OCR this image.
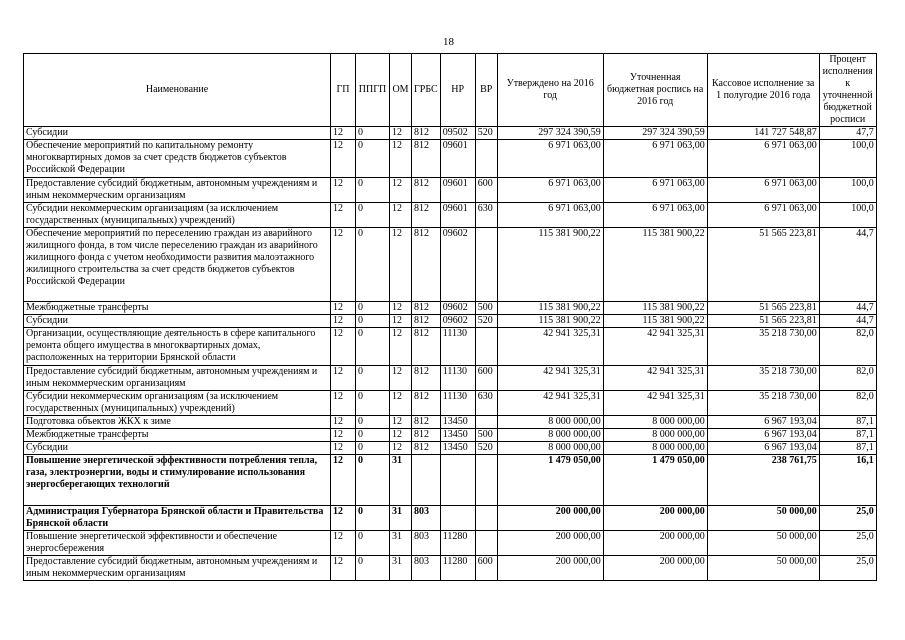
18
Наименование	ГП	ППГП	ОМ	ГРБС	НР	ВР	Утверждено на 2016 год	Уточненная бюджетная роспись на 2016 год	Кассовое исполнение за 1 полугодие 2016 года	Процент исполнения к уточненной бюджетной росписи
Субсидии	12	0	12	812	09502	520	297 324 390,59	297 324 390,59	141 727 548,87	47,7
Обеспечение мероприятий по капитальному ремонту многоквартирных домов за счет средств бюджетов субъектов Российской Федерации	12	0	12	812	09601		6 971 063,00	6 971 063,00	6 971 063,00	100,0
Предоставление субсидий бюджетным, автономным учреждениям и иным некоммерческим организациям	12	0	12	812	09601	600	6 971 063,00	6 971 063,00	6 971 063,00	100,0
Субсидии некоммерческим организациям (за исключением государственных (муниципальных) учреждений)	12	0	12	812	09601	630	6 971 063,00	6 971 063,00	6 971 063,00	100,0
Обеспечение мероприятий по переселению граждан из аварийного жилищного фонда, в том числе переселению граждан из аварийного жилищного фонда с учетом необходимости развития малоэтажного жилищного строительства за счет средств бюджетов субъектов Российской Федерации	12	0	12	812	09602		115 381 900,22	115 381 900,22	51 565 223,81	44,7
Межбюджетные трансферты	12	0	12	812	09602	500	115 381 900,22	115 381 900,22	51 565 223,81	44,7
Субсидии	12	0	12	812	09602	520	115 381 900,22	115 381 900,22	51 565 223,81	44,7
Организации, осуществляющие деятельность в сфере капитального ремонта общего имущества в многоквартирных домах, расположенных на территории Брянской области	12	0	12	812	11130		42 941 325,31	42 941 325,31	35 218 730,00	82,0
Предоставление субсидий бюджетным, автономным учреждениям и иным некоммерческим организациям	12	0	12	812	11130	600	42 941 325,31	42 941 325,31	35 218 730,00	82,0
Субсидии некоммерческим организациям (за исключением государственных (муниципальных) учреждений)	12	0	12	812	11130	630	42 941 325,31	42 941 325,31	35 218 730,00	82,0
Подготовка объектов ЖКХ к зиме	12	0	12	812	13450		8 000 000,00	8 000 000,00	6 967 193,04	87,1
Межбюджетные трансферты	12	0	12	812	13450	500	8 000 000,00	8 000 000,00	6 967 193,04	87,1
Субсидии	12	0	12	812	13450	520	8 000 000,00	8 000 000,00	6 967 193,04	87,1
Повышение энергетической эффективности потребления тепла, газа, электроэнергии, воды и стимулирование использования энергосберегающих технологий	12	0	31				1 479 050,00	1 479 050,00	238 761,75	16,1
Администрация Губернатора Брянской области и Правительства Брянской области	12	0	31	803			200 000,00	200 000,00	50 000,00	25,0
Повышение энергетической эффективности и обеспечение энергосбережения	12	0	31	803	11280		200 000,00	200 000,00	50 000,00	25,0
Предоставление субсидий бюджетным, автономным учреждениям и иным некоммерческим организациям	12	0	31	803	11280	600	200 000,00	200 000,00	50 000,00	25,0
